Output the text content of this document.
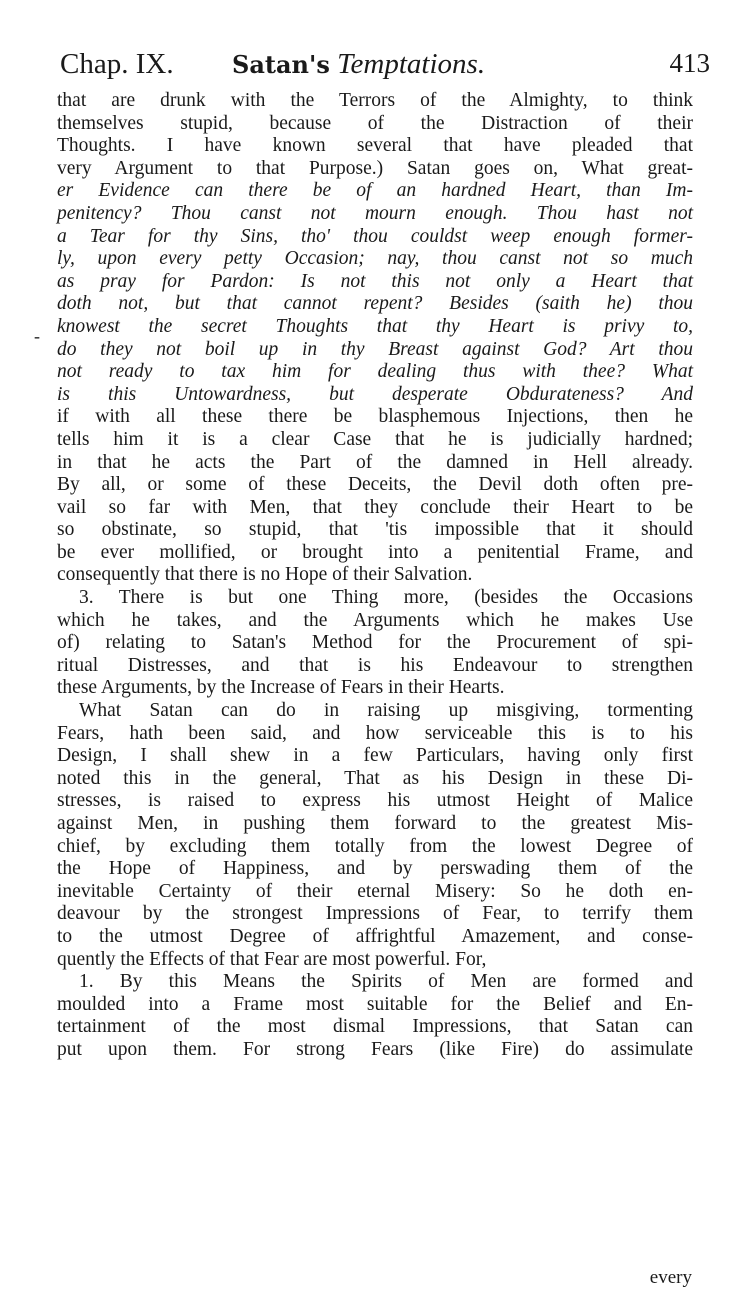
Chap. IX. Satan's Temptations.	413
-
that are drunk with the Terrors of the Almighty, to think
themselves stupid, because of the Distraction of their
Thoughts. I have known several that have pleaded that
very Argument to that Purpose.) Satan goes on, What great-
er Evidence can there be of an hardned Heart, than Im-
penitency? Thou canst not mourn enough. Thou hast not
a Tear for thy Sins, tho' thou couldst weep enough former-
ly, upon every petty Occasion; nay, thou canst not so much
as pray for Pardon: Is not this not only a Heart that
doth not, but that cannot repent? Besides (saith he) thou
knowest the secret Thoughts that thy Heart is privy to,
do they not boil up in thy Breast against God? Art thou
not ready to tax him for dealing thus with thee? What
is this Untowardness, but desperate Obdurateness? And
if with all these there be blasphemous Injections, then he
tells him it is a clear Case that he is judicially hardned;
in that he acts the Part of the damned in Hell already.
By all, or some of these Deceits, the Devil doth often pre-
vail so far with Men, that they conclude their Heart to be
so obstinate, so stupid, that 'tis impossible that it should
be ever mollified, or brought into a penitential Frame, and
consequently that there is no Hope of their Salvation.
3. There is but one Thing more, (besides the Occasions
which he takes, and the Arguments which he makes Use
of) relating to Satan's Method for the Procurement of spi-
ritual Distresses, and that is his Endeavour to strengthen
these Arguments, by the Increase of Fears in their Hearts.
What Satan can do in raising up misgiving, tormenting
Fears, hath been said, and how serviceable this is to his
Design, I shall shew in a few Particulars, having only first
noted this in the general, That as his Design in these Di-
stresses, is raised to express his utmost Height of Malice
against Men, in pushing them forward to the greatest Mis-
chief, by excluding them totally from the lowest Degree of
the Hope of Happiness, and by perswading them of the
inevitable Certainty of their eternal Misery: So he doth en-
deavour by the strongest Impressions of Fear, to terrify them
to the utmost Degree of affrightful Amazement, and conse-
quently the Effects of that Fear are most powerful. For,
1. By this Means the Spirits of Men are formed and
moulded into a Frame most suitable for the Belief and En-
tertainment of the most dismal Impressions, that Satan can
put upon them. For strong Fears (like Fire) do assimulate
every
